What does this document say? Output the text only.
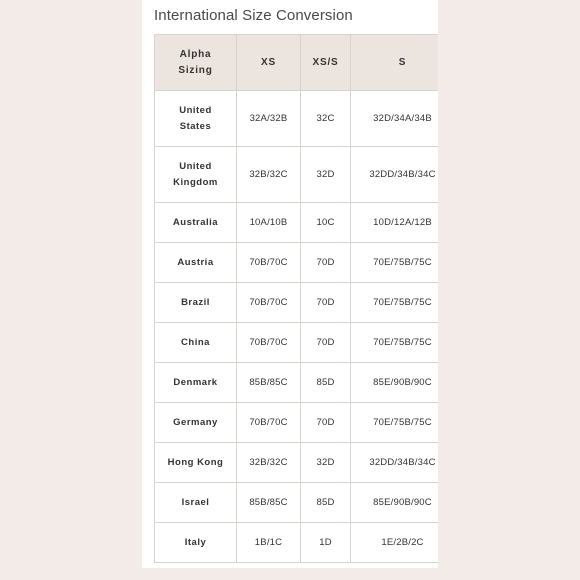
International Size Conversion
Alpha Sizing	XS	XS/S	S
United States	32A/32B	32C	32D/34A/34B
United Kingdom	32B/32C	32D	32DD/34B/34C
Australia	10A/10B	10C	10D/12A/12B
Austria	70B/70C	70D	70E/75B/75C
Brazil	70B/70C	70D	70E/75B/75C
China	70B/70C	70D	70E/75B/75C
Denmark	85B/85C	85D	85E/90B/90C
Germany	70B/70C	70D	70E/75B/75C
Hong Kong	32B/32C	32D	32DD/34B/34C
Israel	85B/85C	85D	85E/90B/90C
Italy	1B/1C	1D	1E/2B/2C
